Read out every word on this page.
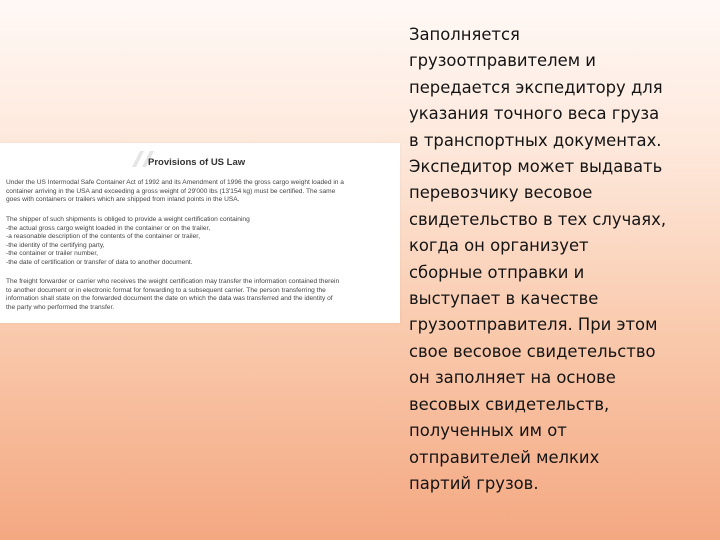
Provisions of US Law

Under the US Intermodal Safe Container Act of 1992 and its Amendment of 1996 the gross cargo weight loaded in a
container arriving in the USA and exceeding a gross weight of 29'000 lbs (13'154 kg) must be certified. The same
goes with containers or trailers which are shipped from inland points in the USA.

The shipper of such shipments is obliged to provide a weight certification containing
-the actual gross cargo weight loaded in the container or on the trailer,
-a reasonable description of the contents of the container or trailer,
-the identity of the certifying party,
-the container or trailer number,
-the date of certification or transfer of data to another document.

The freight forwarder or carrier who receives the weight certification may transfer the information contained therein
to another document or in electronic format for forwarding to a subsequent carrier. The person transferring the
information shall state on the forwarded document the date on which the data was transferred and the identity of
the party who performed the transfer.

Заполняется
грузоотправителем и
передается экспедитору для
указания точного веса груза
в транспортных документах.
Экспедитор может выдавать
перевозчику весовое
свидетельство в тех случаях,
когда он организует
сборные отправки и
выступает в качестве
грузоотправителя. При этом
свое весовое свидетельство
он заполняет на основе
весовых свидетельств,
полученных им от
отправителей мелких
партий грузов.
